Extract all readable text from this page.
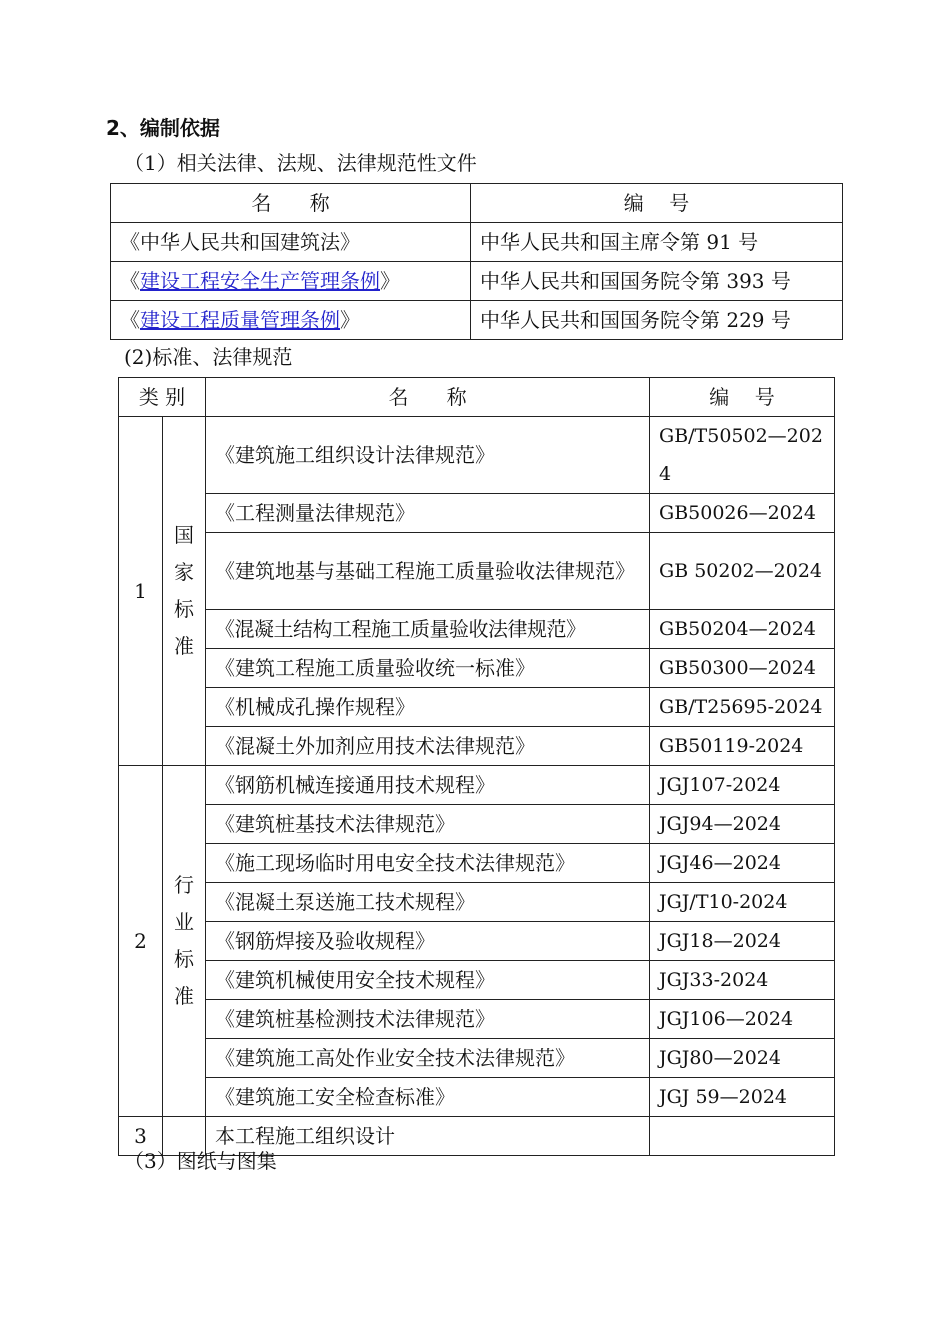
2、编制依据
（1）相关法律、法规、法律规范性文件
名      称	编    号
《中华人民共和国建筑法》	中华人民共和国主席令第 91 号
《建设工程安全生产管理条例》	中华人民共和国国务院令第 393 号
《建设工程质量管理条例》	中华人民共和国国务院令第 229 号
(2)标准、法律规范
类 别		名      称	编    号
1	国
家
标
准	《建筑施工组织设计法律规范》	GB/T50502—2024
		《工程测量法律规范》	GB50026—2024
		《建筑地基与基础工程施工质量验收法律规范》	GB 50202—2024
		《混凝土结构工程施工质量验收法律规范》	GB50204—2024
		《建筑工程施工质量验收统一标准》	GB50300—2024
		《机械成孔操作规程》	GB/T25695-2024
		《混凝土外加剂应用技术法律规范》	GB50119-2024
2	行
业
标
准	《钢筋机械连接通用技术规程》	JGJ107-2024
		《建筑桩基技术法律规范》	JGJ94—2024
		《施工现场临时用电安全技术法律规范》	JGJ46—2024
		《混凝土泵送施工技术规程》	JGJ/T10-2024
		《钢筋焊接及验收规程》	JGJ18—2024
		《建筑机械使用安全技术规程》	JGJ33-2024
		《建筑桩基检测技术法律规范》	JGJ106—2024
		《建筑施工高处作业安全技术法律规范》	JGJ80—2024
		《建筑施工安全检查标准》	JGJ 59—2024
3		本工程施工组织设计	
（3）图纸与图集
